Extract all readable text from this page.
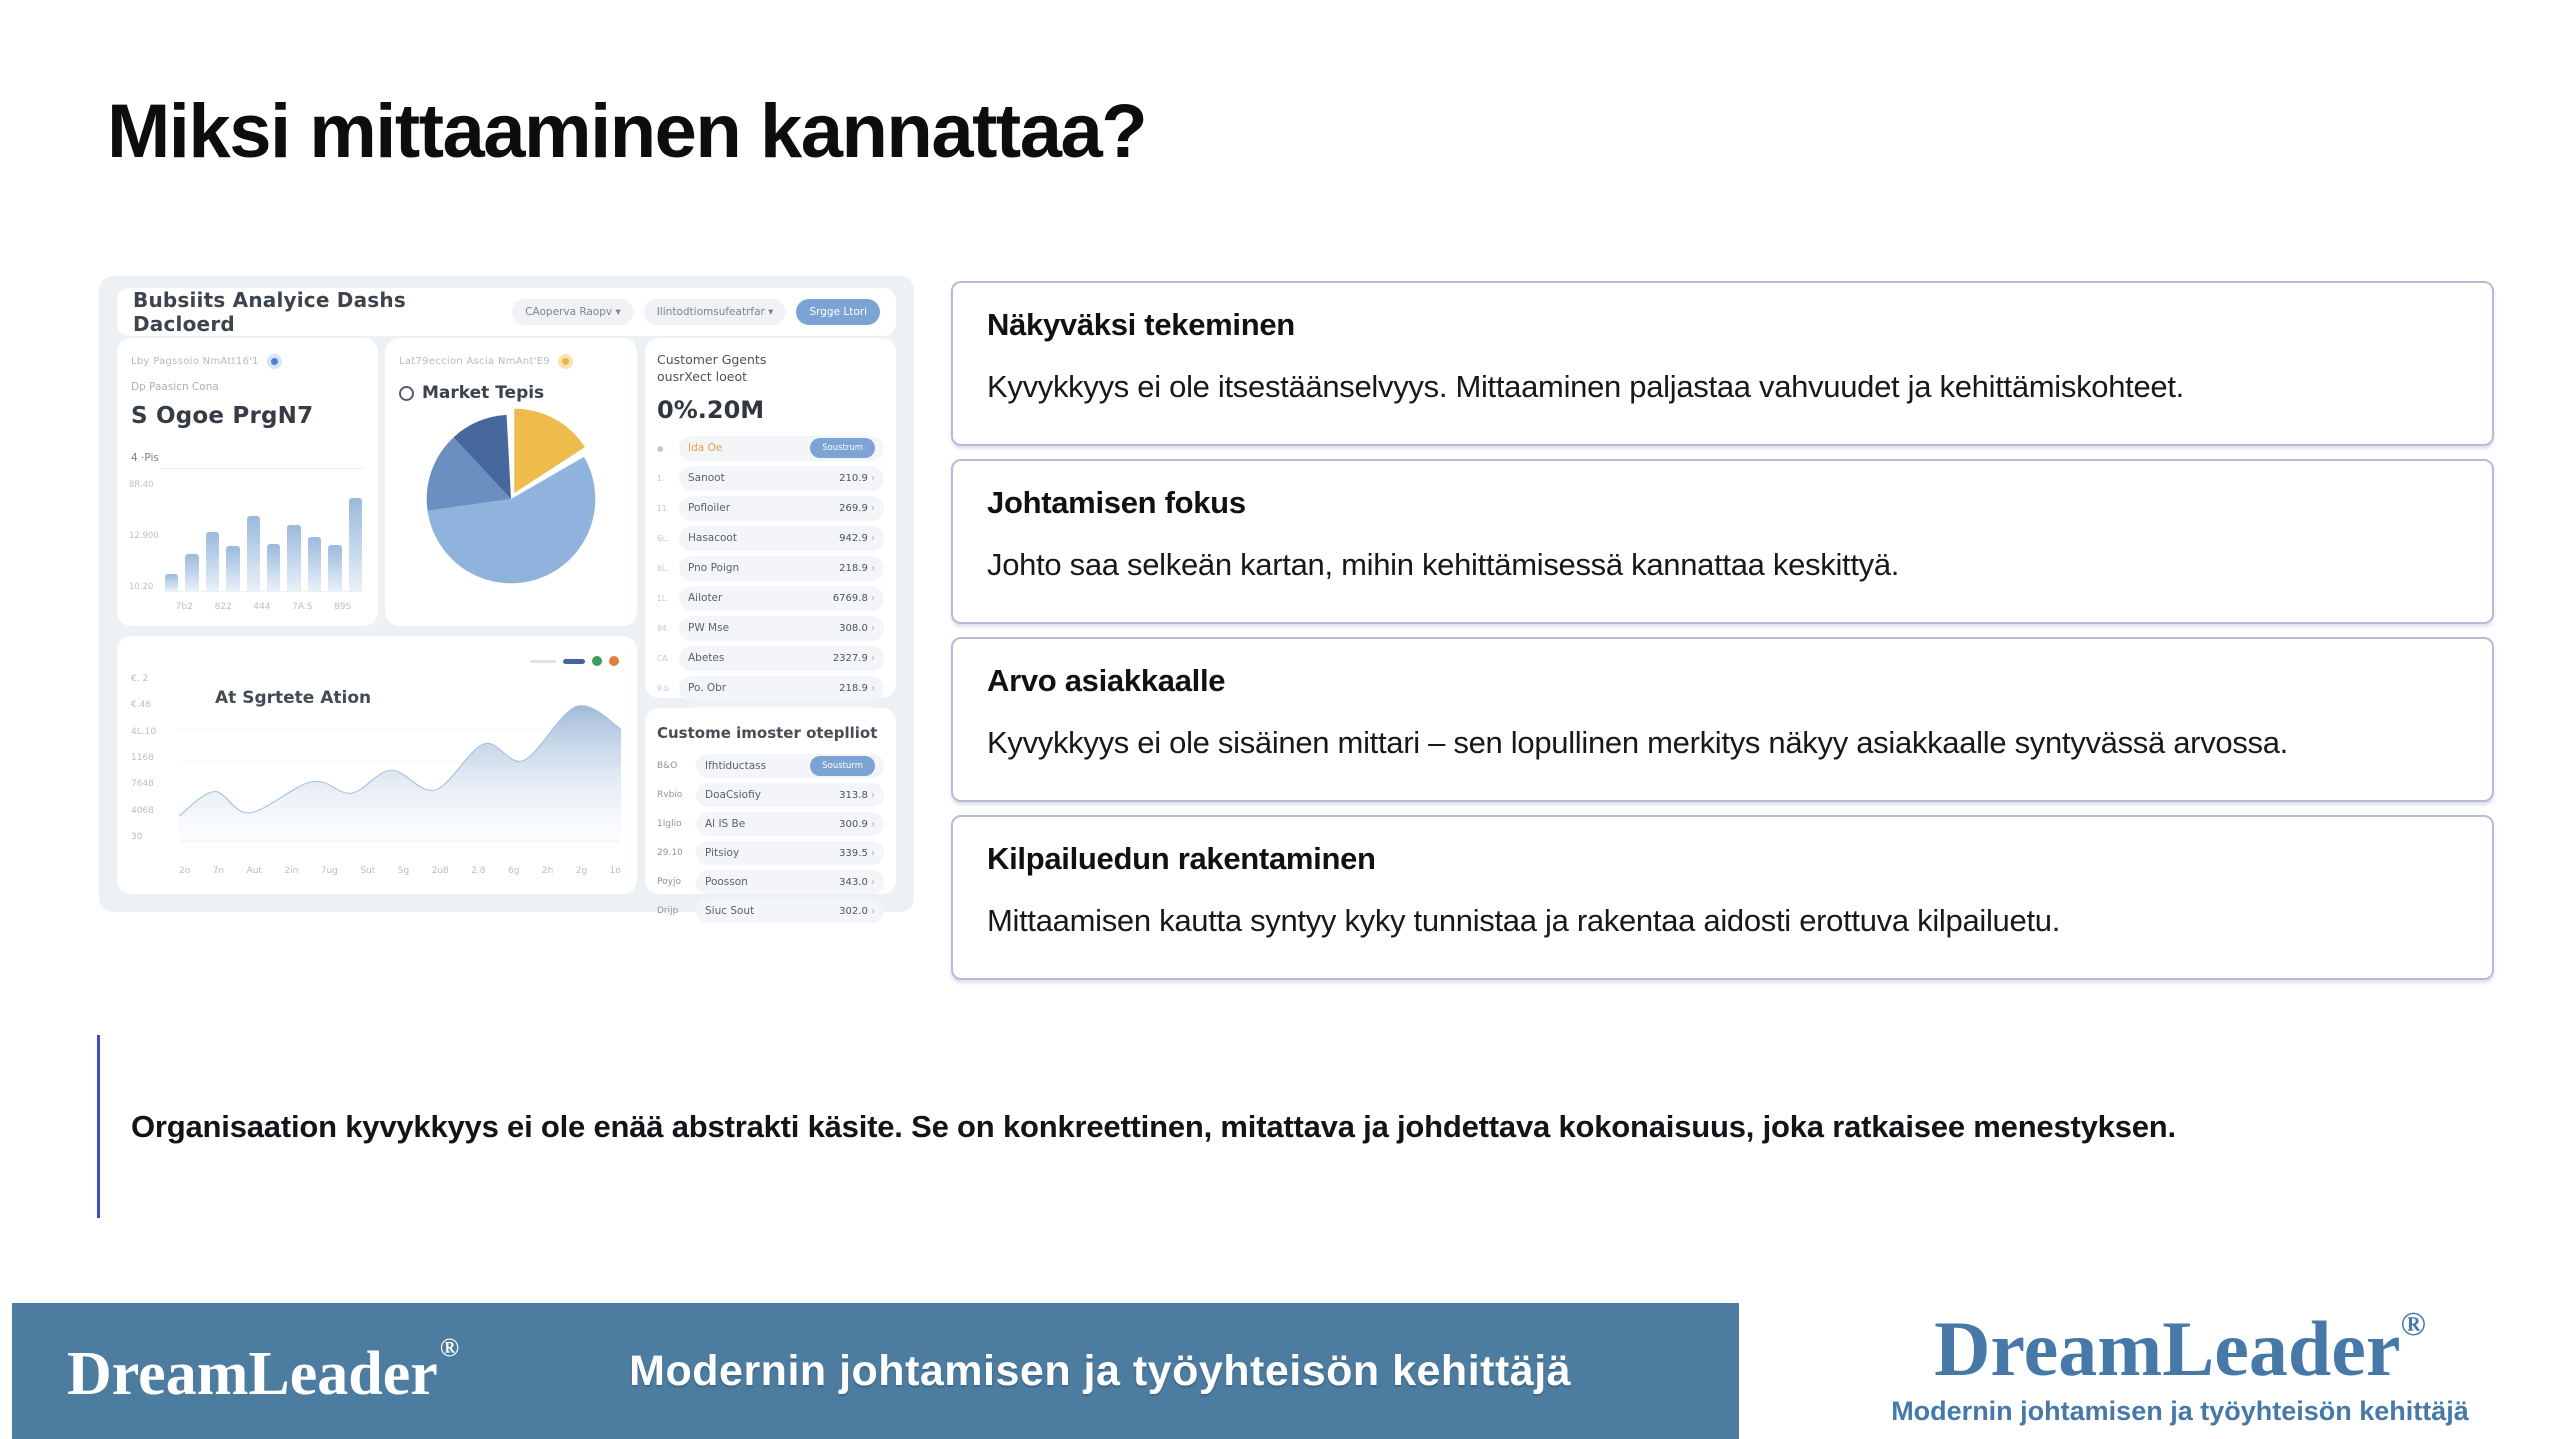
Miksi mittaaminen kannattaa?
Bubsiits Analyice Dashs Dacloerd	CAoperva Raopv ▾	Ilintodtiomsufeatrfar ▾	Srgge Ltori
Lby Pagssoio NmAtt16'1
Dp Paasicn Cona
S Ogoe PrgN7
4 ‧Pis
8R.40
12.900
10.20
7b2 822 444 7A.S 89S
Lat79eccion Ascia NmAnt'E9
Market Tepis
Customer Ggents
ousrXect loeot
0%.20M
●	Ida Oe	Soustrum
1.	Sanoot	210.9 ›
11.	Pofloiler	269.9 ›
6L.	Hasacoot	942.9 ›
6L.	Pno Poign	218.9 ›
1L.	Ailoter	6769.8 ›
84.	PW Mse	308.0 ›
CA.	Abetes	2327.9 ›
9.b	Po. Obr	218.9 ›
›
At Sgrtete Ation
€. 2
€.46
4L.10
1168
7648
4068
30
2o 7n Aut 2in 7ug Sut Sg 2u8 2.8 6g 2h 2g 1o
Custome imoster oteplliot
B&O	Ifhtiductass	Sousturm
Rvbio	DoaCsiofiy	313.8 ›
1Iglio	Al IS Be	300.9 ›
29.10	Pitsioy	339.5 ›
Poyjo	Poosson	343.0 ›
Drijp	Siuc Sout	302.0 ›
Näkyväksi tekeminen

Kyvykkyys ei ole itsestäänselvyys. Mittaaminen paljastaa vahvuudet ja kehittämiskohteet.

Johtamisen fokus

Johto saa selkeän kartan, mihin kehittämisessä kannattaa keskittyä.

Arvo asiakkaalle

Kyvykkyys ei ole sisäinen mittari – sen lopullinen merkitys näkyy asiakkaalle syntyvässä arvossa.

Kilpailuedun rakentaminen

Mittaamisen kautta syntyy kyky tunnistaa ja rakentaa aidosti erottuva kilpailuetu.

Organisaation kyvykkyys ei ole enää abstrakti käsite. Se on konkreettinen, mitattava ja johdettava kokonaisuus, joka ratkaisee menestyksen.

DreamLeader®	Modernin johtamisen ja työyhteisön kehittäjä	DreamLeader®
Modernin johtamisen ja työyhteisön kehittäjä
